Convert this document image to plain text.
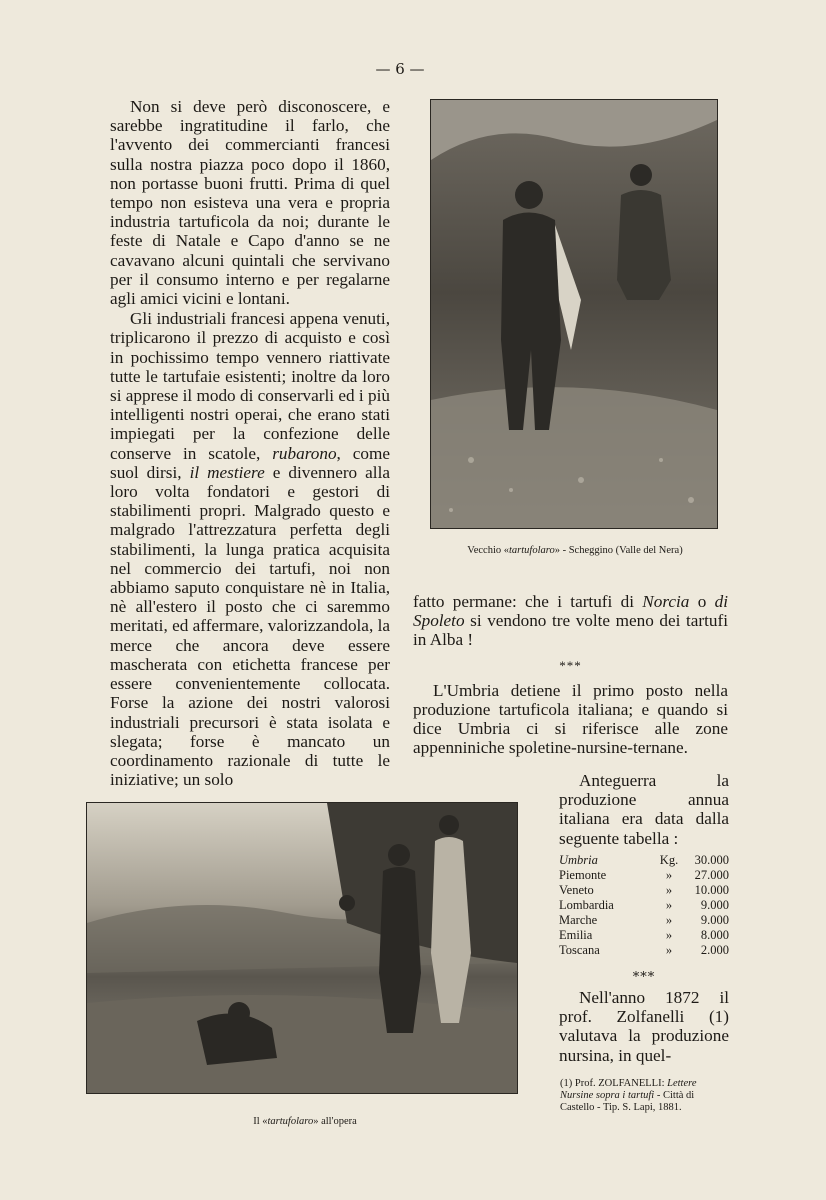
— 6 —

Non si deve però disconoscere, e sarebbe ingratitudine il farlo, che l'avvento dei commercianti francesi sulla nostra piazza poco dopo il 1860, non portasse buoni frutti. Prima di quel tempo non esisteva una vera e propria industria tartuficola da noi; durante le feste di Natale e Capo d'anno se ne cavavano alcuni quintali che servivano per il consumo interno e per regalarne agli amici vicini e lontani.

Gli industriali francesi appena venuti, triplicarono il prezzo di acquisto e così in pochissimo tempo vennero riattivate tutte le tartufaie esistenti; inoltre da loro si apprese il modo di conservarli ed i più intelligenti nostri operai, che erano stati impiegati per la confezione delle conserve in scatole, rubarono, come suol dirsi, il mestiere e divennero alla loro volta fondatori e gestori di stabilimenti propri. Malgrado questo e malgrado l'attrezzatura perfetta degli stabilimenti, la lunga pratica acquisita nel commercio dei tartufi, noi non abbiamo saputo conquistare nè in Italia, nè all'estero il posto che ci saremmo meritati, ed affermare, valorizzandola, la merce che ancora deve essere mascherata con etichetta francese per essere convenientemente collocata. Forse la azione dei nostri valorosi industriali precursori è stata isolata e slegata; forse è mancato un coordinamento razionale di tutte le iniziative; un solo

Vecchio «tartufolaro» - Scheggino (Valle del Nera)

fatto permane: che i tartufi di Norcia o di Spoleto si vendono tre volte meno dei tartufi in Alba !

***

L'Umbria detiene il primo posto nella produzione tartuficola italiana; e quando si dice Umbria ci si riferisce alle zone appenniniche spoletine-nursine-ternane.

Anteguerra la produzione annua italiana era data dalla seguente tabella :
Umbria	Kg.	30.000
Piemonte	»	27.000
Veneto	»	10.000
Lombardia	»	9.000
Marche	»	9.000
Emilia	»	8.000
Toscana	»	2.000
***
Nell'anno 1872 il prof. Zolfanelli (1) valutava la produzione nursina, in quel-
Il «tartufolaro» all'opera
(1) Prof. ZOLFANELLI: Lettere Nursine sopra i tartufi - Città di Castello - Tip. S. Lapi, 1881.
